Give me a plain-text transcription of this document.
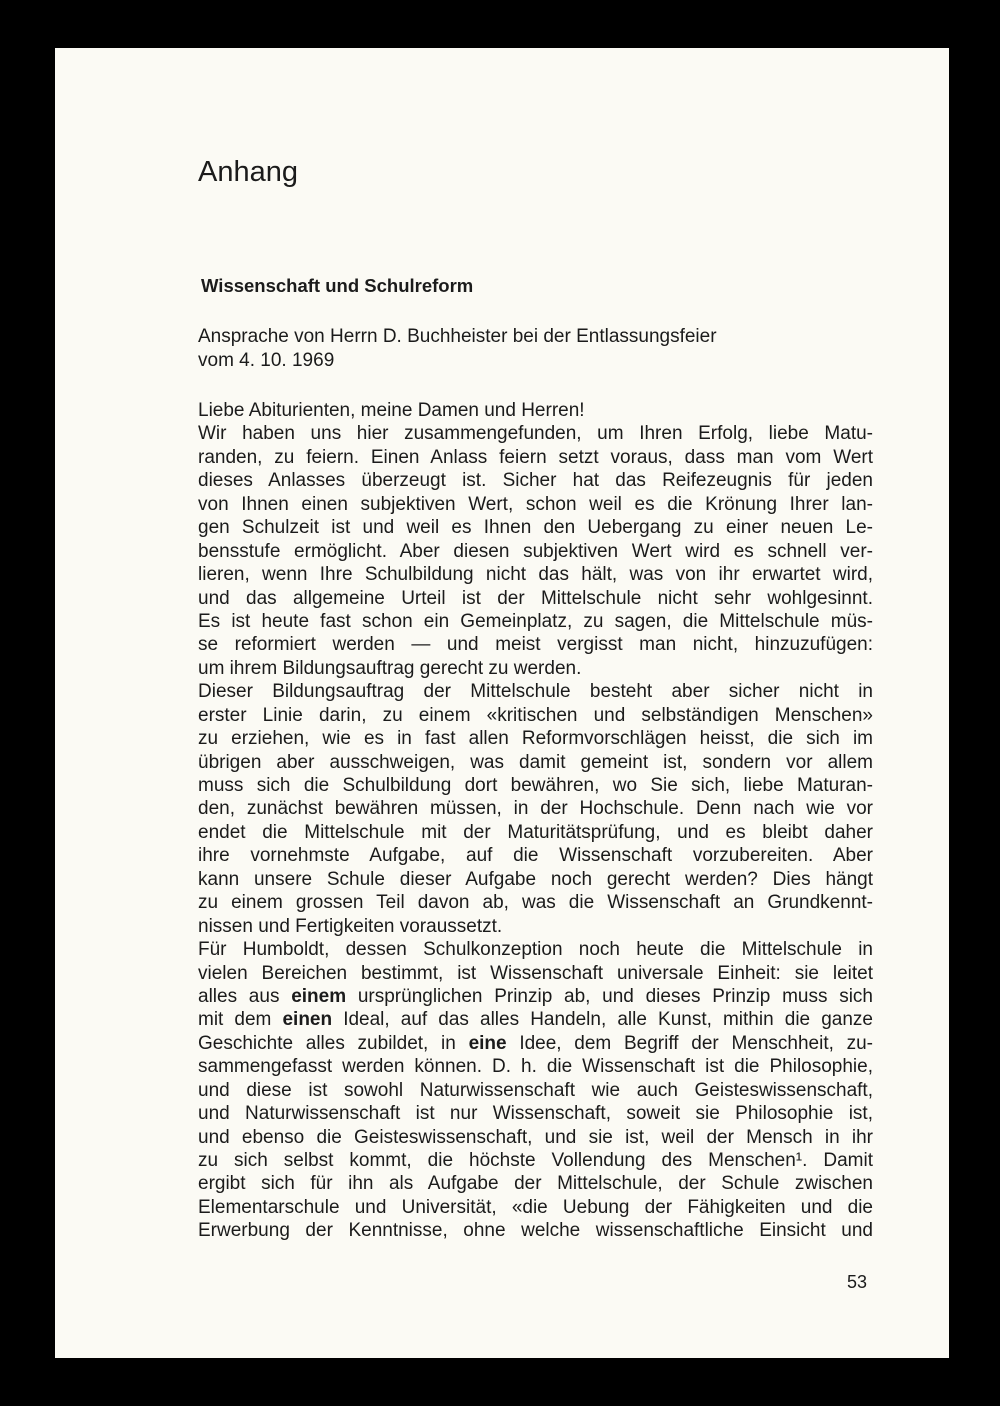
Anhang
Wissenschaft und Schulreform
Ansprache von Herrn D. Buchheister bei der Entlassungsfeier
vom 4. 10. 1969
Liebe Abiturienten, meine Damen und Herren!
Wir haben uns hier zusammengefunden, um Ihren Erfolg, liebe Matu-
randen, zu feiern. Einen Anlass feiern setzt voraus, dass man vom Wert
dieses Anlasses überzeugt ist. Sicher hat das Reifezeugnis für jeden
von Ihnen einen subjektiven Wert, schon weil es die Krönung Ihrer lan-
gen Schulzeit ist und weil es Ihnen den Uebergang zu einer neuen Le-
bensstufe ermöglicht. Aber diesen subjektiven Wert wird es schnell ver-
lieren, wenn Ihre Schulbildung nicht das hält, was von ihr erwartet wird,
und das allgemeine Urteil ist der Mittelschule nicht sehr wohlgesinnt.
Es ist heute fast schon ein Gemeinplatz, zu sagen, die Mittelschule müs-
se reformiert werden — und meist vergisst man nicht, hinzuzufügen:
um ihrem Bildungsauftrag gerecht zu werden.
Dieser Bildungsauftrag der Mittelschule besteht aber sicher nicht in
erster Linie darin, zu einem «kritischen und selbständigen Menschen»
zu erziehen, wie es in fast allen Reformvorschlägen heisst, die sich im
übrigen aber ausschweigen, was damit gemeint ist, sondern vor allem
muss sich die Schulbildung dort bewähren, wo Sie sich, liebe Maturan-
den, zunächst bewähren müssen, in der Hochschule. Denn nach wie vor
endet die Mittelschule mit der Maturitätsprüfung, und es bleibt daher
ihre vornehmste Aufgabe, auf die Wissenschaft vorzubereiten. Aber
kann unsere Schule dieser Aufgabe noch gerecht werden? Dies hängt
zu einem grossen Teil davon ab, was die Wissenschaft an Grundkennt-
nissen und Fertigkeiten voraussetzt.
Für Humboldt, dessen Schulkonzeption noch heute die Mittelschule in
vielen Bereichen bestimmt, ist Wissenschaft universale Einheit: sie leitet
alles aus einem ursprünglichen Prinzip ab, und dieses Prinzip muss sich
mit dem einen Ideal, auf das alles Handeln, alle Kunst, mithin die ganze
Geschichte alles zubildet, in eine Idee, dem Begriff der Menschheit, zu-
sammengefasst werden können. D. h. die Wissenschaft ist die Philosophie,
und diese ist sowohl Naturwissenschaft wie auch Geisteswissenschaft,
und Naturwissenschaft ist nur Wissenschaft, soweit sie Philosophie ist,
und ebenso die Geisteswissenschaft, und sie ist, weil der Mensch in ihr
zu sich selbst kommt, die höchste Vollendung des Menschen¹. Damit
ergibt sich für ihn als Aufgabe der Mittelschule, der Schule zwischen
Elementarschule und Universität, «die Uebung der Fähigkeiten und die
Erwerbung der Kenntnisse, ohne welche wissenschaftliche Einsicht und
53
